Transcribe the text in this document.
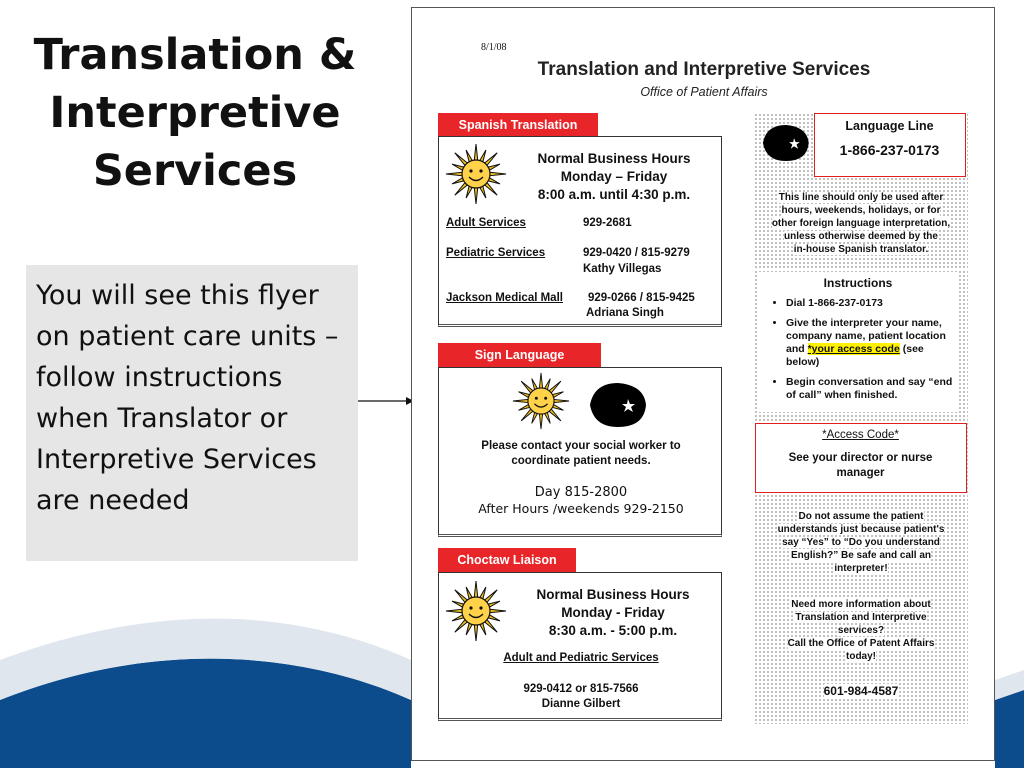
Translation &
Interpretive
Services
You will see this flyer on patient care units – follow instructions when Translator or Interpretive Services are needed
8/1/08
Translation and Interpretive Services
Office of Patient Affairs
Spanish Translation
Normal Business Hours
Monday – Friday
8:00 a.m. until 4:30 p.m.
Adult Services	929-2681
Pediatric Services	929-0420 / 815-9279
Kathy Villegas
Jackson Medical Mall 929-0266 / 815-9425
Adriana Singh
Sign Language
Please contact your social worker to
coordinate patient needs.
Day 815-2800
After Hours /weekends 929-2150
Choctaw Liaison
Normal Business Hours
Monday - Friday
8:30 a.m. - 5:00 p.m.
Adult and Pediatric Services
929-0412 or 815-7566
Dianne Gilbert
Language Line
1-866-237-0173
This line should only be used after
hours, weekends, holidays, or for
other foreign language interpretation,
unless otherwise deemed by the
in-house Spanish translator.
Instructions
• Dial 1-866-237-0173
• Give the interpreter your name, company name, patient location and *your access code (see below)
• Begin conversation and say “end of call” when finished.
*Access Code*
See your director or nurse
manager
Do not assume the patient
understands just because patient's
say “Yes” to “Do you understand
English?” Be safe and call an
interpreter!
Need more information about
Translation and Interpretive
services?
Call the Office of Patent Affairs
today!
601-984-4587
